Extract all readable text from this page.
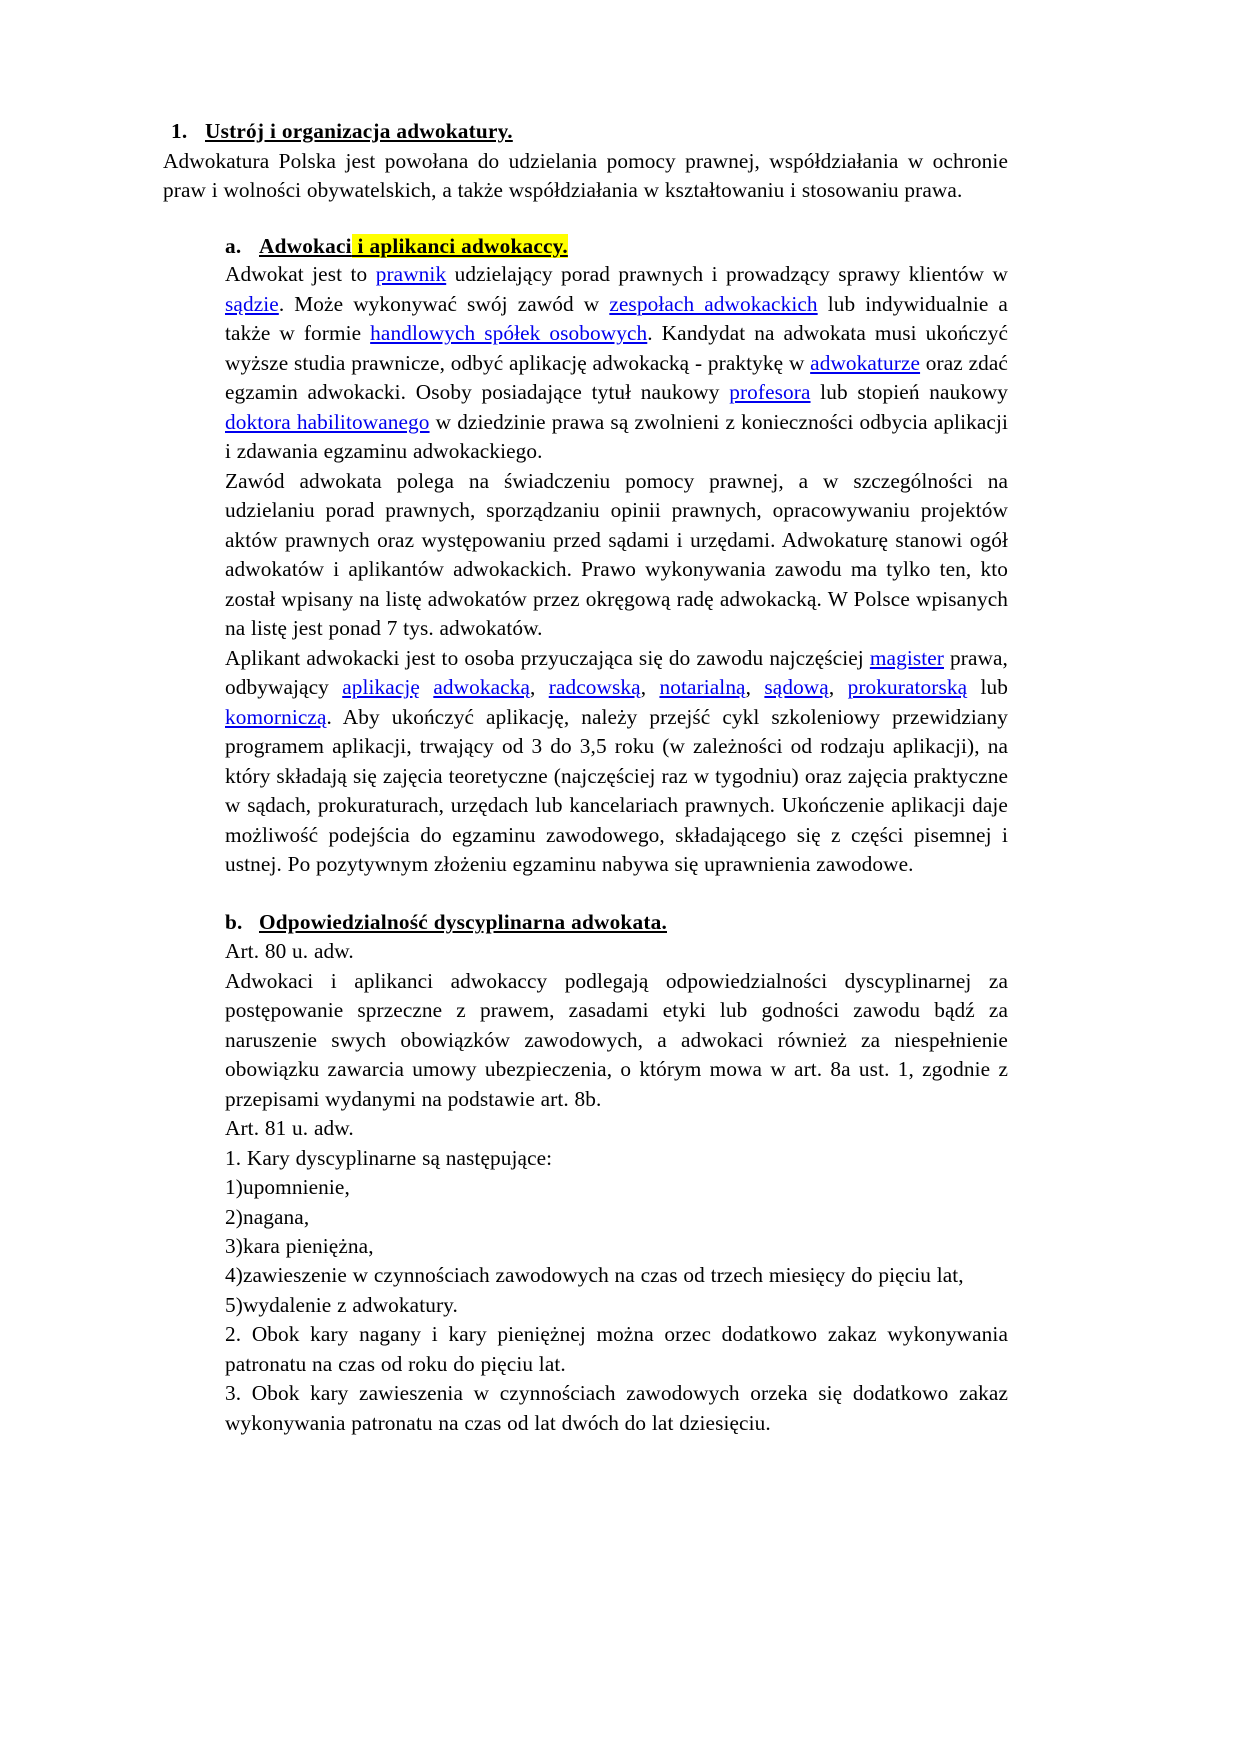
1. Ustrój i organizacja adwokatury.

Adwokatura Polska jest powołana do udzielania pomocy prawnej, współdziałania w ochronie praw i wolności obywatelskich, a także współdziałania w kształtowaniu i stosowaniu prawa.

a. Adwokaci i aplikanci adwokaccy.

Adwokat jest to prawnik udzielający porad prawnych i prowadzący sprawy klientów w sądzie. Może wykonywać swój zawód w zespołach adwokackich lub indywidualnie a także w formie handlowych spółek osobowych. Kandydat na adwokata musi ukończyć wyższe studia prawnicze, odbyć aplikację adwokacką - praktykę w adwokaturze oraz zdać egzamin adwokacki. Osoby posiadające tytuł naukowy profesora lub stopień naukowy doktora habilitowanego w dziedzinie prawa są zwolnieni z konieczności odbycia aplikacji i zdawania egzaminu adwokackiego.

Zawód adwokata polega na świadczeniu pomocy prawnej, a w szczególności na udzielaniu porad prawnych, sporządzaniu opinii prawnych, opracowywaniu projektów aktów prawnych oraz występowaniu przed sądami i urzędami. Adwokaturę stanowi ogół adwokatów i aplikantów adwokackich. Prawo wykonywania zawodu ma tylko ten, kto został wpisany na listę adwokatów przez okręgową radę adwokacką. W Polsce wpisanych na listę jest ponad 7 tys. adwokatów.

Aplikant adwokacki jest to osoba przyuczająca się do zawodu najczęściej magister prawa, odbywający aplikację adwokacką, radcowską, notarialną, sądową, prokuratorską lub komorniczą. Aby ukończyć aplikację, należy przejść cykl szkoleniowy przewidziany programem aplikacji, trwający od 3 do 3,5 roku (w zależności od rodzaju aplikacji), na który składają się zajęcia teoretyczne (najczęściej raz w tygodniu) oraz zajęcia praktyczne w sądach, prokuraturach, urzędach lub kancelariach prawnych. Ukończenie aplikacji daje możliwość podejścia do egzaminu zawodowego, składającego się z części pisemnej i ustnej. Po pozytywnym złożeniu egzaminu nabywa się uprawnienia zawodowe.

b. Odpowiedzialność dyscyplinarna adwokata.

Art. 80 u. adw.

Adwokaci i aplikanci adwokaccy podlegają odpowiedzialności dyscyplinarnej za postępowanie sprzeczne z prawem, zasadami etyki lub godności zawodu bądź za naruszenie swych obowiązków zawodowych, a adwokaci również za niespełnienie obowiązku zawarcia umowy ubezpieczenia, o którym mowa w art. 8a ust. 1, zgodnie z przepisami wydanymi na podstawie art. 8b.

Art. 81 u. adw.

1. Kary dyscyplinarne są następujące:

1)upomnienie,

2)nagana,

3)kara pieniężna,

4)zawieszenie w czynnościach zawodowych na czas od trzech miesięcy do pięciu lat,

5)wydalenie z adwokatury.

2. Obok kary nagany i kary pieniężnej można orzec dodatkowo zakaz wykonywania patronatu na czas od roku do pięciu lat.

3. Obok kary zawieszenia w czynnościach zawodowych orzeka się dodatkowo zakaz wykonywania patronatu na czas od lat dwóch do lat dziesięciu.
